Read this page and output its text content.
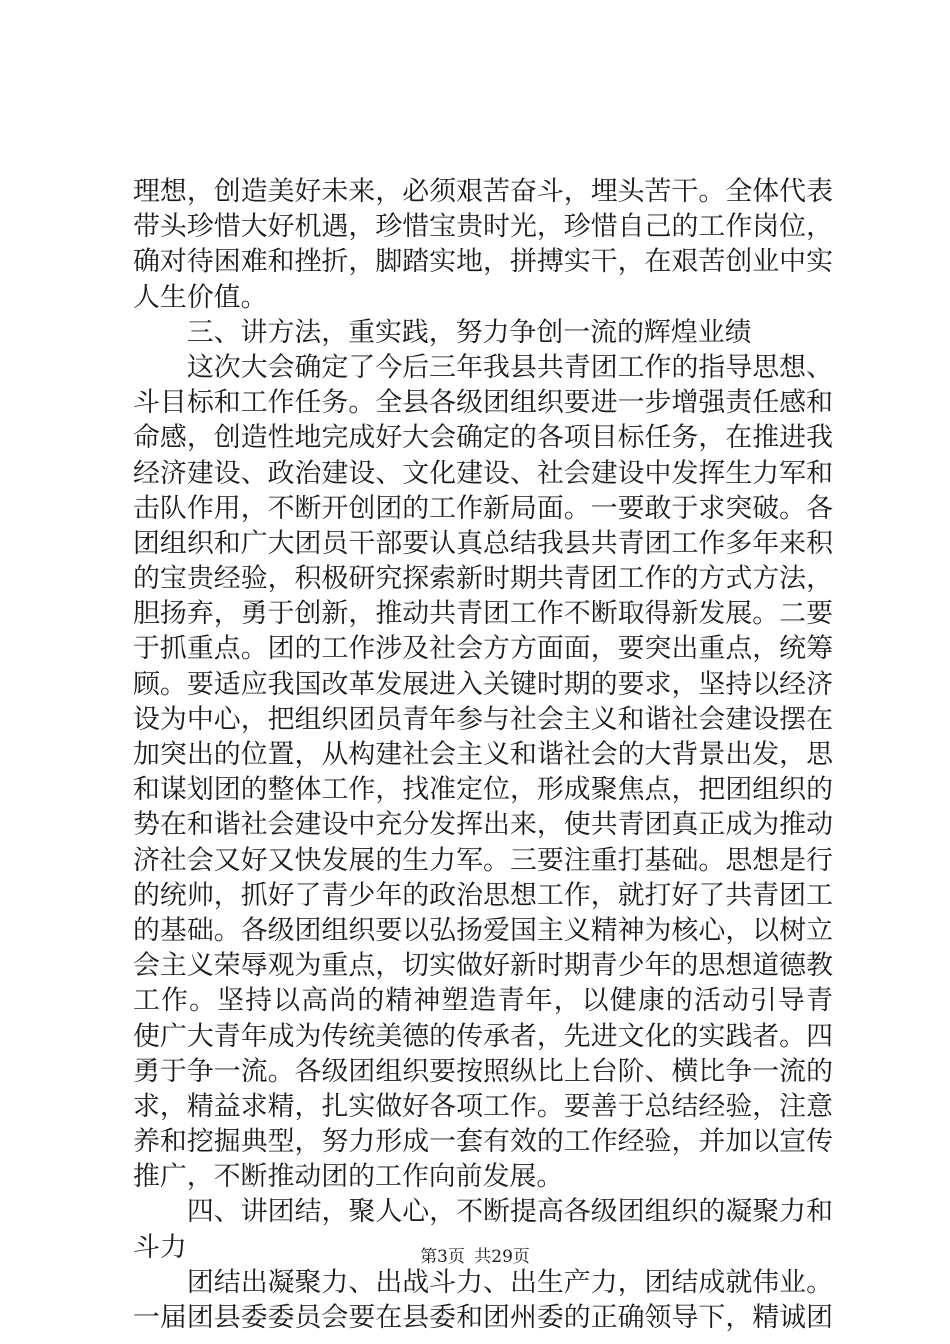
理想，创造美好未来，必须艰苦奋斗，埋头苦干。全体代表
带头珍惜大好机遇，珍惜宝贵时光，珍惜自己的工作岗位，
确对待困难和挫折，脚踏实地，拼搏实干，在艰苦创业中实
人生价值。
　　三、讲方法，重实践，努力争创一流的辉煌业绩
　　这次大会确定了今后三年我县共青团工作的指导思想、
斗目标和工作任务。全县各级团组织要进一步增强责任感和
命感，创造性地完成好大会确定的各项目标任务，在推进我
经济建设、政治建设、文化建设、社会建设中发挥生力军和
击队作用，不断开创团的工作新局面。一要敢于求突破。各
团组织和广大团员干部要认真总结我县共青团工作多年来积
的宝贵经验，积极研究探索新时期共青团工作的方式方法，
胆扬弃，勇于创新，推动共青团工作不断取得新发展。二要
于抓重点。团的工作涉及社会方方面面，要突出重点，统筹
顾。要适应我国改革发展进入关键时期的要求，坚持以经济
设为中心，把组织团员青年参与社会主义和谐社会建设摆在
加突出的位置，从构建社会主义和谐社会的大背景出发，思
和谋划团的整体工作，找准定位，形成聚焦点，把团组织的
势在和谐社会建设中充分发挥出来，使共青团真正成为推动
济社会又好又快发展的生力军。三要注重打基础。思想是行
的统帅，抓好了青少年的政治思想工作，就打好了共青团工
的基础。各级团组织要以弘扬爱国主义精神为核心，以树立
会主义荣辱观为重点，切实做好新时期青少年的思想道德教
工作。坚持以高尚的精神塑造青年，以健康的活动引导青
使广大青年成为传统美德的传承者，先进文化的实践者。四
勇于争一流。各级团组织要按照纵比上台阶、横比争一流的
求，精益求精，扎实做好各项工作。要善于总结经验，注意
养和挖掘典型，努力形成一套有效的工作经验，并加以宣传
推广，不断推动团的工作向前发展。
　　四、讲团结，聚人心，不断提高各级团组织的凝聚力和
斗力
　　团结出凝聚力、出战斗力、出生产力，团结成就伟业。
一届团县委委员会要在县委和团州委的正确领导下，精诚团
第3页 共29页
